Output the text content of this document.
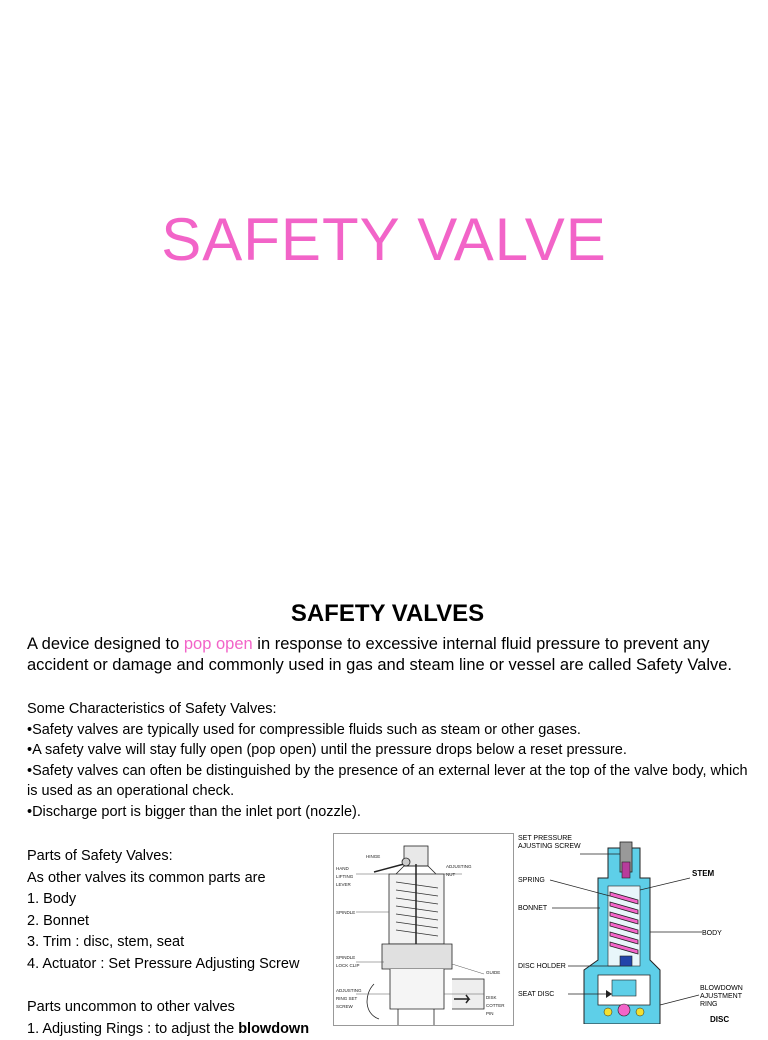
SAFETY VALVE
SAFETY VALVES
A device designed to pop open in response to excessive internal fluid pressure to prevent any accident or damage and commonly used in gas and steam line or vessel are called Safety Valve.
Some Characteristics of Safety Valves:
•Safety valves are typically used for compressible fluids such as steam or other gases.
•A safety valve will stay fully open (pop open) until the pressure drops below a reset pressure.
•Safety valves can often be distinguished by the presence of an external lever at the top of the valve body, which is used as an operational check.
•Discharge port is bigger than the inlet port (nozzle).
Parts of Safety Valves:
As other valves its common parts are
1. Body
2. Bonnet
3. Trim : disc, stem, seat
4. Actuator : Set Pressure Adjusting Screw
Parts uncommon to other valves
1. Adjusting Rings : to adjust the blowdown
HINGE
HAND LIFTING LEVER
ADJUSTING NUT
SPINDLE
SPINDLE LOCK CLIP
ADJUSTING RING SET SCREW
GUIDE
DISK COTTER PIN
SET PRESSURE AJUSTING SCREW
SPRING
BONNET
DISC HOLDER
SEAT DISC
STEM
BODY
BLOWDOWN AJUSTMENT RING
DISC
